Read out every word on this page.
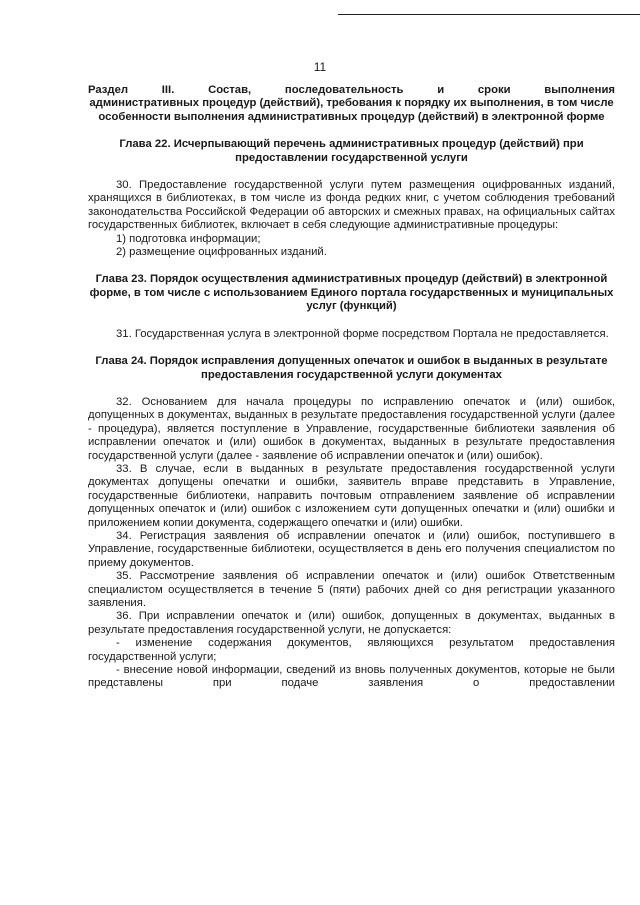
11

Раздел III. Состав, последовательность и сроки выполнения

административных процедур (действий), требования к порядку их выполнения, в том числе особенности выполнения административных процедур (действий) в электронной форме

Глава 22. Исчерпывающий перечень административных процедур (действий) при предоставлении государственной услуги

30. Предоставление государственной услуги путем размещения оцифрованных изданий, хранящихся в библиотеках, в том числе из фонда редких книг, с учетом соблюдения требований законодательства Российской Федерации об авторских и смежных правах, на официальных сайтах государственных библиотек, включает в себя следующие административные процедуры:

1) подготовка информации;

2) размещение оцифрованных изданий.

Глава 23. Порядок осуществления административных процедур (действий) в электронной форме, в том числе с использованием Единого портала государственных и муниципальных услуг (функций)

31. Государственная услуга в электронной форме посредством Портала не предоставляется.

Глава 24. Порядок исправления допущенных опечаток и ошибок в выданных в результате предоставления государственной услуги документах

32. Основанием для начала процедуры по исправлению опечаток и (или) ошибок, допущенных в документах, выданных в результате предоставления государственной услуги (далее - процедура), является поступление в Управление, государственные библиотеки заявления об исправлении опечаток и (или) ошибок в документах, выданных в результате предоставления государственной услуги (далее - заявление об исправлении опечаток и (или) ошибок).

33. В случае, если в выданных в результате предоставления государственной услуги документах допущены опечатки и ошибки, заявитель вправе представить в Управление, государственные библиотеки, направить почтовым отправлением заявление об исправлении допущенных опечаток и (или) ошибок с изложением сути допущенных опечатки и (или) ошибки и приложением копии документа, содержащего опечатки и (или) ошибки.

34. Регистрация заявления об исправлении опечаток и (или) ошибок, поступившего в Управление, государственные библиотеки, осуществляется в день его получения специалистом по приему документов.

35. Рассмотрение заявления об исправлении опечаток и (или) ошибок Ответственным специалистом осуществляется в течение 5 (пяти) рабочих дней со дня регистрации указанного заявления.

36. При исправлении опечаток и (или) ошибок, допущенных в документах, выданных в результате предоставления государственной услуги, не допускается:

- изменение содержания документов, являющихся результатом предоставления государственной услуги;

- внесение новой информации, сведений из вновь полученных документов, которые не были представлены при подаче заявления о предоставлении
